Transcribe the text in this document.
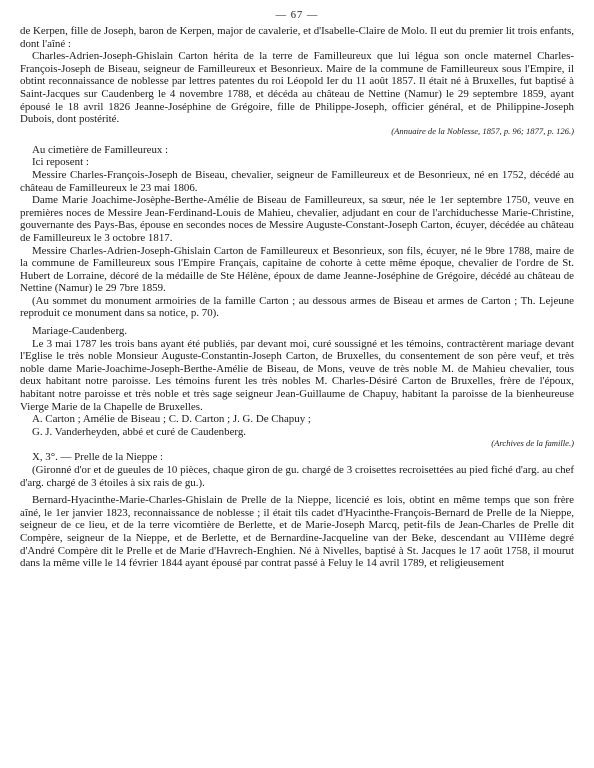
— 67 —
de Kerpen, fille de Joseph, baron de Kerpen, major de cavalerie, et d'Isabelle-Claire de Molo. Il eut du premier lit trois enfants, dont l'aîné :
Charles-Adrien-Joseph-Ghislain Carton hérita de la terre de Familleureux que lui légua son oncle maternel Charles-François-Joseph de Biseau, seigneur de Familleureux et Besonrieux. Maire de la commune de Familleureux sous l'Empire, il obtint reconnaissance de noblesse par lettres patentes du roi Léopold Ier du 11 août 1857. Il était né à Bruxelles, fut baptisé à Saint-Jacques sur Caudenberg le 4 novembre 1788, et décéda au château de Nettine (Namur) le 29 septembre 1859, ayant épousé le 18 avril 1826 Jeanne-Joséphine de Grégoire, fille de Philippe-Joseph, officier général, et de Philippine-Joseph Dubois, dont postérité.
(Annuaire de la Noblesse, 1857, p. 96; 1877, p. 126.)
Au cimetière de Familleureux :
Ici reposent :
Messire Charles-François-Joseph de Biseau, chevalier, seigneur de Familleureux et de Besonrieux, né en 1752, décédé au château de Familleureux le 23 mai 1806.
Dame Marie Joachime-Josèphe-Berthe-Amélie de Biseau de Familleureux, sa sœur, née le 1er septembre 1750, veuve en premières noces de Messire Jean-Ferdinand-Louis de Mahieu, chevalier, adjudant en cour de l'archiduchesse Marie-Christine, gouvernante des Pays-Bas, épouse en secondes noces de Messire Auguste-Constant-Joseph Carton, écuyer, décédée au château de Familleureux le 3 octobre 1817.
Messire Charles-Adrien-Joseph-Ghislain Carton de Familleureux et Besonrieux, son fils, écuyer, né le 9bre 1788, maire de la commune de Familleureux sous l'Empire Français, capitaine de cohorte à cette même époque, chevalier de l'ordre de St. Hubert de Lorraine, décoré de la médaille de Ste Hélène, époux de dame Jeanne-Joséphine de Grégoire, décédé au château de Nettine (Namur) le 29 7bre 1859.
(Au sommet du monument armoiries de la famille Carton ; au dessous armes de Biseau et armes de Carton ; Th. Lejeune reproduit ce monument dans sa notice, p. 70).
Mariage-Caudenberg.
Le 3 mai 1787 les trois bans ayant été publiés, par devant moi, curé soussigné et les témoins, contractèrent mariage devant l'Eglise le très noble Monsieur Auguste-Constantin-Joseph Carton, de Bruxelles, du consentement de son père veuf, et très noble dame Marie-Joachime-Joseph-Berthe-Amélie de Biseau, de Mons, veuve de très noble M. de Mahieu chevalier, tous deux habitant notre paroisse. Les témoins furent les très nobles M. Charles-Désiré Carton de Bruxelles, frère de l'époux, habitant notre paroisse et très noble et très sage seigneur Jean-Guillaume de Chapuy, habitant la paroisse de la bienheureuse Vierge Marie de la Chapelle de Bruxelles.
A. Carton ; Amélie de Biseau ; C. D. Carton ; J. G. De Chapuy ;
G. J. Vanderheyden, abbé et curé de Caudenberg.
(Archives de la famille.)
X, 3°. — Prelle de la Nieppe :
(Gironné d'or et de gueules de 10 pièces, chaque giron de gu. chargé de 3 croisettes recroisettées au pied fiché d'arg. au chef d'arg. chargé de 3 étoiles à six rais de gu.).
Bernard-Hyacinthe-Marie-Charles-Ghislain de Prelle de la Nieppe, licencié es lois, obtint en même temps que son frère aîné, le 1er janvier 1823, reconnaissance de noblesse ; il était tils cadet d'Hyacinthe-François-Bernard de Prelle de la Nieppe, seigneur de ce lieu, et de la terre vicomtière de Berlette, et de Marie-Joseph Marcq, petit-fils de Jean-Charles de Prelle dit Compère, seigneur de la Nieppe, et de Berlette, et de Bernardine-Jacqueline van der Beke, descendant au VIIIème degré d'André Compère dit le Prelle et de Marie d'Havrech-Enghien. Né à Nivelles, baptisé à St. Jacques le 17 août 1758, il mourut dans la même ville le 14 février 1844 ayant épousé par contrat passé à Feluy le 14 avril 1789, et religieusement
